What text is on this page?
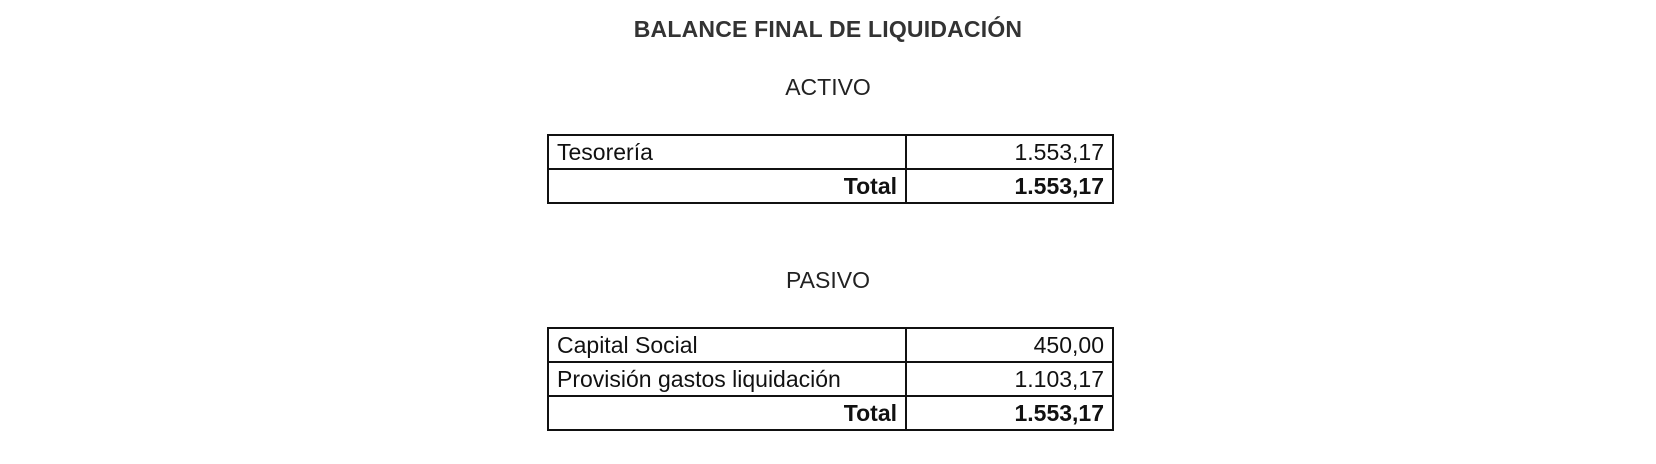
BALANCE FINAL DE LIQUIDACIÓN
ACTIVO
Tesorería	1.553,17
Total	1.553,17
PASIVO
Capital Social	450,00
Provisión gastos liquidación	1.103,17
Total	1.553,17
